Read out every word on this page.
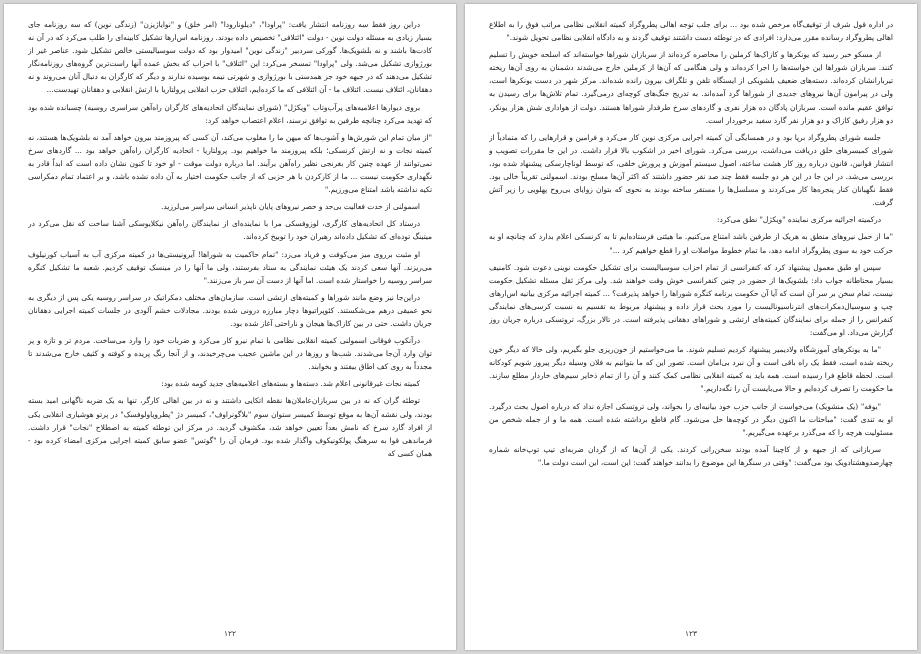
دراین روز فقط سه روزنامه انتشار یافت: "پراودا"، "دیلونارودا" (امر خلق) و "نوایاژیزن" (زندگی نوین) که سه روزنامه جای بسیار زیادی به مسئله دولت نوین - دولت "ائتلافی" تخصیص داده بودند. روزنامه اس‌ارها تشکیل کابینه‌ای را طلب می‌کرد که در آن نه کادت‌ها باشند و نه بلشویک‌ها. گورکی سردبیر "زندگی نوین" امیدوار بود که دولت سوسیالیستی خالص تشکیل شود. عناصر غیر از بورژوازی تشکیل می‌شد. ولی "پراودا" تمسخر می‌کرد: این "ائتلاف" با احزاب که بخش عمده آنها راست‌ترین گروه‌های روزنامه‌نگار تشکیل می‌دهند که در جبهه خود جز همدستی با بورژوازی و شهرتی نیمه بوسیده ندارند و دیگر که کارگران به دنبال آنان می‌روند و نه دهقانان، ائتلاف نیست. ائتلاف ما - آن ائتلافی که ما کرده‌ایم، ائتلاف حزب انقلابی پرولتاریا با ارتش انقلابی و دهقانان تهیدست...

بروی دیوارها اعلامیه‌های پرآب‌وتاب "ویکژل" (شورای نمایندگان اتحادیه‌های کارگران راه‌آهن سراسری روسیه) چسبانده شده بود که تهدید می‌کرد چنانچه طرفین به توافق نرسند، اعلام اعتصاب خواهد کرد:

"از میان تمام این شورش‌ها و آشوب‌ها که میهن ما را مغلوب می‌کند، آن کسی که پیروزمند بیرون خواهد آمد نه بلشویک‌ها هستند، نه کمیته نجات و نه ارتش کرنسکی؛ بلکه پیروزمند ما خواهیم بود. پرولتاریا - اتحادیه کارگران راه‌آهن خواهد بود ... گاردهای سرخ نمی‌توانند از عهده چنین کار بغرنجی نظیر راه‌آهن برآیند. اما درباره دولت موقت - او خود تا کنون نشان داده است که ابداً قادر به نگهداری حکومت نیست ... ما از کارکردن با هر حزبی که از جانب حکومت اختیار به آن داده نشده باشد، و بر اعتماد تمام دمکراسی تکیه نداشته باشد امتناع می‌ورزیم."

اسمولنی از حدت فعالیت بی‌حد و حصر نیروهای پایان ناپذیر انسانی سراسر می‌لرزید.

درستاد کل اتحادیه‌های کارگری، لوزوفسکی مرا با نماینده‌ای از نمایندگان راه‌آهن نیکلایوسکی آشنا ساخت که نقل می‌کرد در میتینگ توده‌ای که تشکیل داده‌اند رهبران خود را توبیخ کرده‌اند.

او مثبت برروی میز می‌کوفت و فریاد می‌زد: "تمام حاکمیت به شوراها! آیرونیستی‌ها در کمیته مرکزی آب به آسیاب کورنیلوف می‌ریزند. آنها سعی کردند یک هیئت نمایندگی به ستاد بفرستند، ولی ما آنها را در مینسک توقیف کردیم. شعبه ما تشکیل کنگره سراسر روسیه را خواستار شده است. اما آنها از دست آن سر باز می‌زنند."

دراین‌جا نیز وضع مانند شوراها و کمیته‌های ارتشی است. سازمان‌های مختلف دمکراتیک در سراسر روسیه یکی پس از دیگری به نحو عمیقی درهم می‌شکستند. کئوپراتیوها دچار مبارزه درونی شده بودند. مجادلات خشم آلودی در جلسات کمیته اجرایی دهقانان جریان داشت. حتی در بین کازاک‌ها هیجان و ناراحتی آغاز شده بود.

درآنکوب فوقانی اسمولنی کمیته انقلابی نظامی با تمام نیرو کار می‌کرد و ضربات خود را وارد می‌ساخت. مردم تر و تازه و پر توان وارد آن‌جا می‌شدند. شب‌ها و روزها در این ماشین عجیب می‌چرخیدند، و از آنجا رنگ پریده و کوفته و کثیف خارج می‌شدند تا مجدداً به روی کف اطاق بیفتند و بخوابند.

کمیته نجات غیرقانونی اعلام شد. دسته‌ها و بسته‌های اعلامیه‌های جدید کومه شده بود:

توطئه گران که نه در بین سربازان‌عاملان‌ها نقطه اتکایی داشتند و نه در بین اهالی کارگر، تنها به یک ضربه ناگهانی امید بسته بودند، ولی نقشه آن‌ها به موقع توسط کمیسر ستوان سوم "بلاگونراوف"، کمیسر دژ "پطروپاولوفسک" در پرتو هوشیاری انقلابی یکی از افراد گارد سرخ که نامش بعداً تعیین خواهد شد، مکشوف گردید. در مرکز این توطئه کمیته به اصطلاح "نجات" قرار داشت. فرماندهی قوا به سرهنگ پولکونیکوف واگذار شده بود. فرمان آن را "گوتس" عضو سابق کمیته اجرایی مرکزی امضاء کرده بود - همان کسی که

۱۲۲

در اداره قول شرف از توقیف‌گاه مرخص شده بود ... برای جلب توجه اهالی پطروگراد کمیته انقلابی نظامی مراتب فوق را به اطلاع اهالی پطروگراد رسانده مقرر می‌دارد: افرادی که در توطئه دست داشتند توقیف گردند و به دادگاه انقلابی نظامی تحویل شوند."

از مسکو خبر رسید که یونکرها و کازاک‌ها کرملین را محاصره کرده‌اند از سربازان شوراها خواسته‌اند که اسلحه خویش را تسلیم کنند. سربازان شوراها این خواسته‌ها را اجرا کرده‌اند و ولی هنگامی که آن‌ها از کرملین خارج می‌شدند دشمنان به روی آن‌ها ریخته تیربارانشان کرده‌اند. دسته‌های ضعیف بلشویکی از ایستگاه تلفن و تلگراف بیرون رانده شده‌اند. مرکز شهر در دست یونکرها است، ولی در پیرامون آن‌ها نیروهای جدیدی از شوراها گرد آمده‌اند. به تدریج جنگ‌های کوچه‌ای درمی‌گیرد. تمام تلاش‌ها برای رسیدن به توافق عقیم مانده است. سربازان پادگان ده هزار نفری و گاردهای سرخ طرفدار شوراها هستند. دولت از هواداری شش هزار یونکر، دو هزار رفیق کازاک و دو هزار نفر گارد سفید برخوردار است.

جلسه شورای پطروگراد برپا بود و در همسایگی آن کمیته اجرایی مرکزی نوین کار می‌کرد و فرامین و قرارهایی را که متمادیاً از شورای کمیسرهای خلق دریافت می‌داشت، بررسی می‌کرد. شورای اخیر در اشکوب بالا قرار داشت. در این جا مقررات تصویب و انتشار قوانین، قانون درباره روز کار هشت ساعته، اصول سیستم آموزش و پرورش خلقی، که توسط لوناچارسکی پیشنهاد شده بود، بررسی می‌شد. در این جا در این هر دو جلسه فقط چند صد نفر حضور داشتند که اکثر آن‌ها مسلح بودند. اسمولنی تقریباً خالی بود. فقط نگهبانان کنار پنجره‌ها کار می‌کردند و مسلسل‌ها را مستقر ساخته بودند به نحوی که بتوان زوایای بی‌روح پهلویی را زیر آتش گرفت.

درکمیته اجرائیه مرکزی نماینده "ویکژل" نطق می‌کرد:

"ما از حمل نیروهای منطق به هریک از طرفین باشد امتناع می‌کنیم. ما هیئتی فرستاده‌ایم تا به کرنسکی اعلام بدارد که چنانچه او به حرکت خود به سوی پطروگراد ادامه دهد، ما تمام خطوط مواصلات او را قطع خواهیم کرد ..."

سپس او طبق معمول پیشنهاد کرد که کنفرانسی از تمام احزاب سوسیالیست برای تشکیل حکومت نوینی دعوت شود. کامنیف بسیار محتاطانه جواب داد: بلشویک‌ها از حضور در چنین کنفرانسی خوش وقت خواهند شد. ولی مرکز ثقل مسئله تشکیل حکومت نیست، تمام سخن بر سر آن است که آیا آن حکومت برنامه کنگره شوراها را خواهد پذیرفت؟ ... کمیته اجرائیه مرکزی بیانیه اس‌ارهای چپ و سوسیال‌دمکرات‌های انترناسیونالیست را مورد بحث قرار داده و پیشنهاد مربوط به تقسیم به نسبت کرسی‌های نمایندگی کنفرانس را از جمله برای نمایندگان کمیته‌های ارتشی و شوراهای دهقانی پذیرفته است. در تالار بزرگ، تروتسکی درباره جریان روز گزارش می‌داد. او می‌گفت:

"ما به یونکرهای آموزشگاه ولادیمیر پیشنهاد کردیم تسلیم شوند. ما می‌خواستیم از خون‌ریزی جلو بگیریم، ولی حالا که دیگر خون ریخته شده است، فقط یک راه باقی است و آن نبرد بی‌امان است. تصور این که ما بتوانیم به فلان وسیله دیگر پیروز شویم کودکانه است. لحظه قاطع فرا رسیده است. همه باید به کمیته انقلابی نظامی کمک کنند و آن را از تمام ذخایر سیم‌های خاردار مطلع سازند. ما حکومت را تصرف کرده‌ایم و حالا می‌بایست آن را نگه‌داریم."

"یوفه" (یک منشویک) می‌خواست از جانب حزب خود بیانیه‌ای را بخواند، ولی تروتسکی اجازه نداد که درباره اصول بحث درگیرد. او به تندی گفت: "مباحثات ما اکنون دیگر در کوچه‌ها حل می‌شود. گام قاطع برداشته شده است. همه ما و از جمله شخص من مسئولیت هرچه را که می‌گذرد برعهده می‌گیریم."

سربازانی که از جبهه و از کاچینا آمده بودند سخن‌رانی کردند. یکی از آن‌ها که از گردان ضربه‌ای تیپ توپ‌خانه شماره چهارصدوهشتادویک بود می‌گفت: "وقتی در سنگرها این موضوع را بدانند خواهند گفت: این است، این است دولت ما."

۱۲۳
